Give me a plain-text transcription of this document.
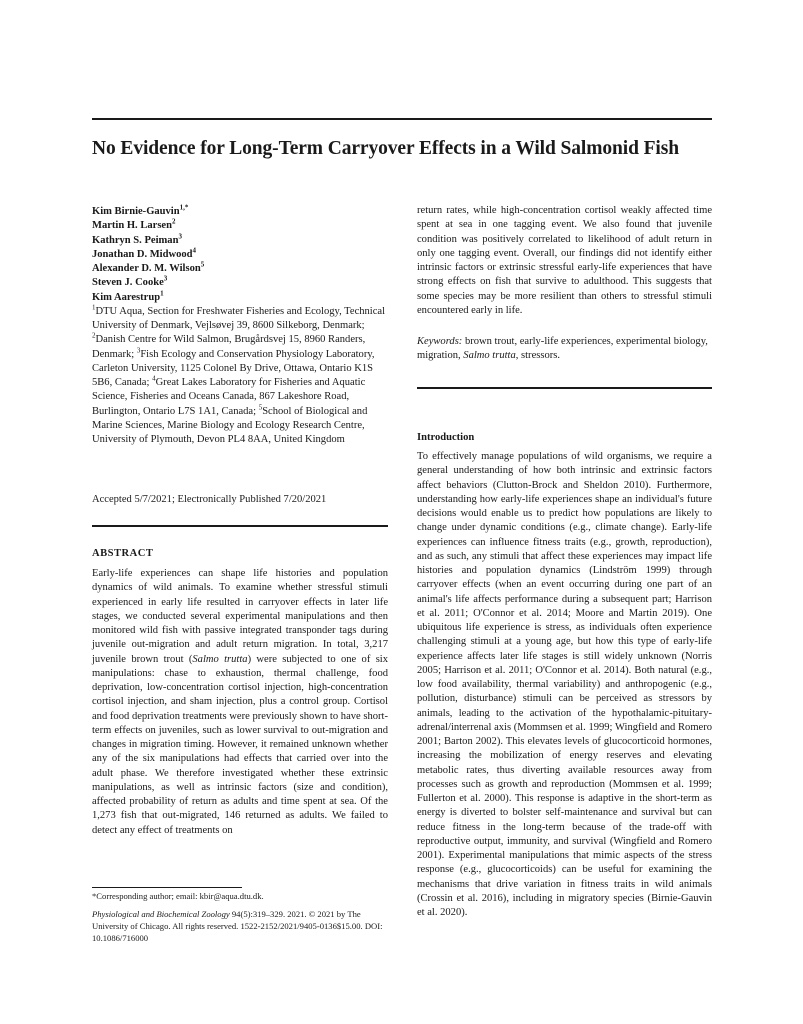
No Evidence for Long-Term Carryover Effects in a Wild Salmonid Fish
Kim Birnie-Gauvin$^{1,*}$
Martin H. Larsen$^2$
Kathryn S. Peiman$^3$
Jonathan D. Midwood$^4$
Alexander D. M. Wilson$^5$
Steven J. Cooke$^3$
Kim Aarestrup$^1$

$^1$DTU Aqua, Section for Freshwater Fisheries and Ecology, Technical University of Denmark, Vejlsøvej 39, 8600 Silkeborg, Denmark; $^2$Danish Centre for Wild Salmon, Brugårdsvej 15, 8960 Randers, Denmark; $^3$Fish Ecology and Conservation Physiology Laboratory, Carleton University, 1125 Colonel By Drive, Ottawa, Ontario K1S 5B6, Canada; $^4$Great Lakes Laboratory for Fisheries and Aquatic Science, Fisheries and Oceans Canada, 867 Lakeshore Road, Burlington, Ontario L7S 1A1, Canada; $^5$School of Biological and Marine Sciences, Marine Biology and Ecology Research Centre, University of Plymouth, Devon PL4 8AA, United Kingdom

Accepted 5/7/2021; Electronically Published 7/20/2021
ABSTRACT

Early-life experiences can shape life histories and population dynamics of wild animals. To examine whether stressful stimuli experienced in early life resulted in carryover effects in later life stages, we conducted several experimental manipulations and then monitored wild fish with passive integrated transponder tags during juvenile out-migration and adult return migration. In total, 3,217 juvenile brown trout (Salmo trutta) were subjected to one of six manipulations: chase to exhaustion, thermal challenge, food deprivation, low-concentration cortisol injection, high-concentration cortisol injection, and sham injection, plus a control group. Cortisol and food deprivation treatments were previously shown to have short-term effects on juveniles, such as lower survival to out-migration and changes in migration timing. However, it remained unknown whether any of the six manipulations had effects that carried over into the adult phase. We therefore investigated whether these extrinsic manipulations, as well as intrinsic factors (size and condition), affected probability of return as adults and time spent at sea. Of the 1,273 fish that out-migrated, 146 returned as adults. We failed to detect any effect of treatments on

*Corresponding author; email: kbir@aqua.dtu.dk.
Physiological and Biochemical Zoology 94(5):319–329. 2021. © 2021 by The University of Chicago. All rights reserved. 1522-2152/2021/9405-0136$15.00. DOI: 10.1086/716000

return rates, while high-concentration cortisol weakly affected time spent at sea in one tagging event. We also found that juvenile condition was positively correlated to likelihood of adult return in only one tagging event. Overall, our findings did not identify either intrinsic factors or extrinsic stressful early-life experiences that have strong effects on fish that survive to adulthood. This suggests that some species may be more resilient than others to stressful stimuli encountered early in life.

Keywords: brown trout, early-life experiences, experimental biology, migration, Salmo trutta, stressors.
Introduction

To effectively manage populations of wild organisms, we require a general understanding of how both intrinsic and extrinsic factors affect behaviors (Clutton-Brock and Sheldon 2010). Furthermore, understanding how early-life experiences shape an individual's future decisions would enable us to predict how populations are likely to change under dynamic conditions (e.g., climate change). Early-life experiences can influence fitness traits (e.g., growth, reproduction), and as such, any stimuli that affect these experiences may impact life histories and population dynamics (Lindström 1999) through carryover effects (when an event occurring during one part of an animal's life affects performance during a subsequent part; Harrison et al. 2011; O'Connor et al. 2014; Moore and Martin 2019). One ubiquitous life experience is stress, as individuals often experience challenging stimuli at a young age, but how this type of early-life experience affects later life stages is still widely unknown (Norris 2005; Harrison et al. 2011; O'Connor et al. 2014). Both natural (e.g., low food availability, thermal variability) and anthropogenic (e.g., pollution, disturbance) stimuli can be perceived as stressors by animals, leading to the activation of the hypothalamic-pituitary-adrenal/interrenal axis (Mommsen et al. 1999; Wingfield and Romero 2001; Barton 2002). This elevates levels of glucocorticoid hormones, increasing the mobilization of energy reserves and elevating metabolic rates, thus diverting available resources away from processes such as growth and reproduction (Mommsen et al. 1999; Fullerton et al. 2000). This response is adaptive in the short-term as energy is diverted to bolster self-maintenance and survival but can reduce fitness in the long-term because of the trade-off with reproductive output, immunity, and survival (Wingfield and Romero 2001). Experimental manipulations that mimic aspects of the stress response (e.g., glucocorticoids) can be useful for examining the mechanisms that drive variation in fitness traits in wild animals (Crossin et al. 2016), including in migratory species (Birnie-Gauvin et al. 2020).
